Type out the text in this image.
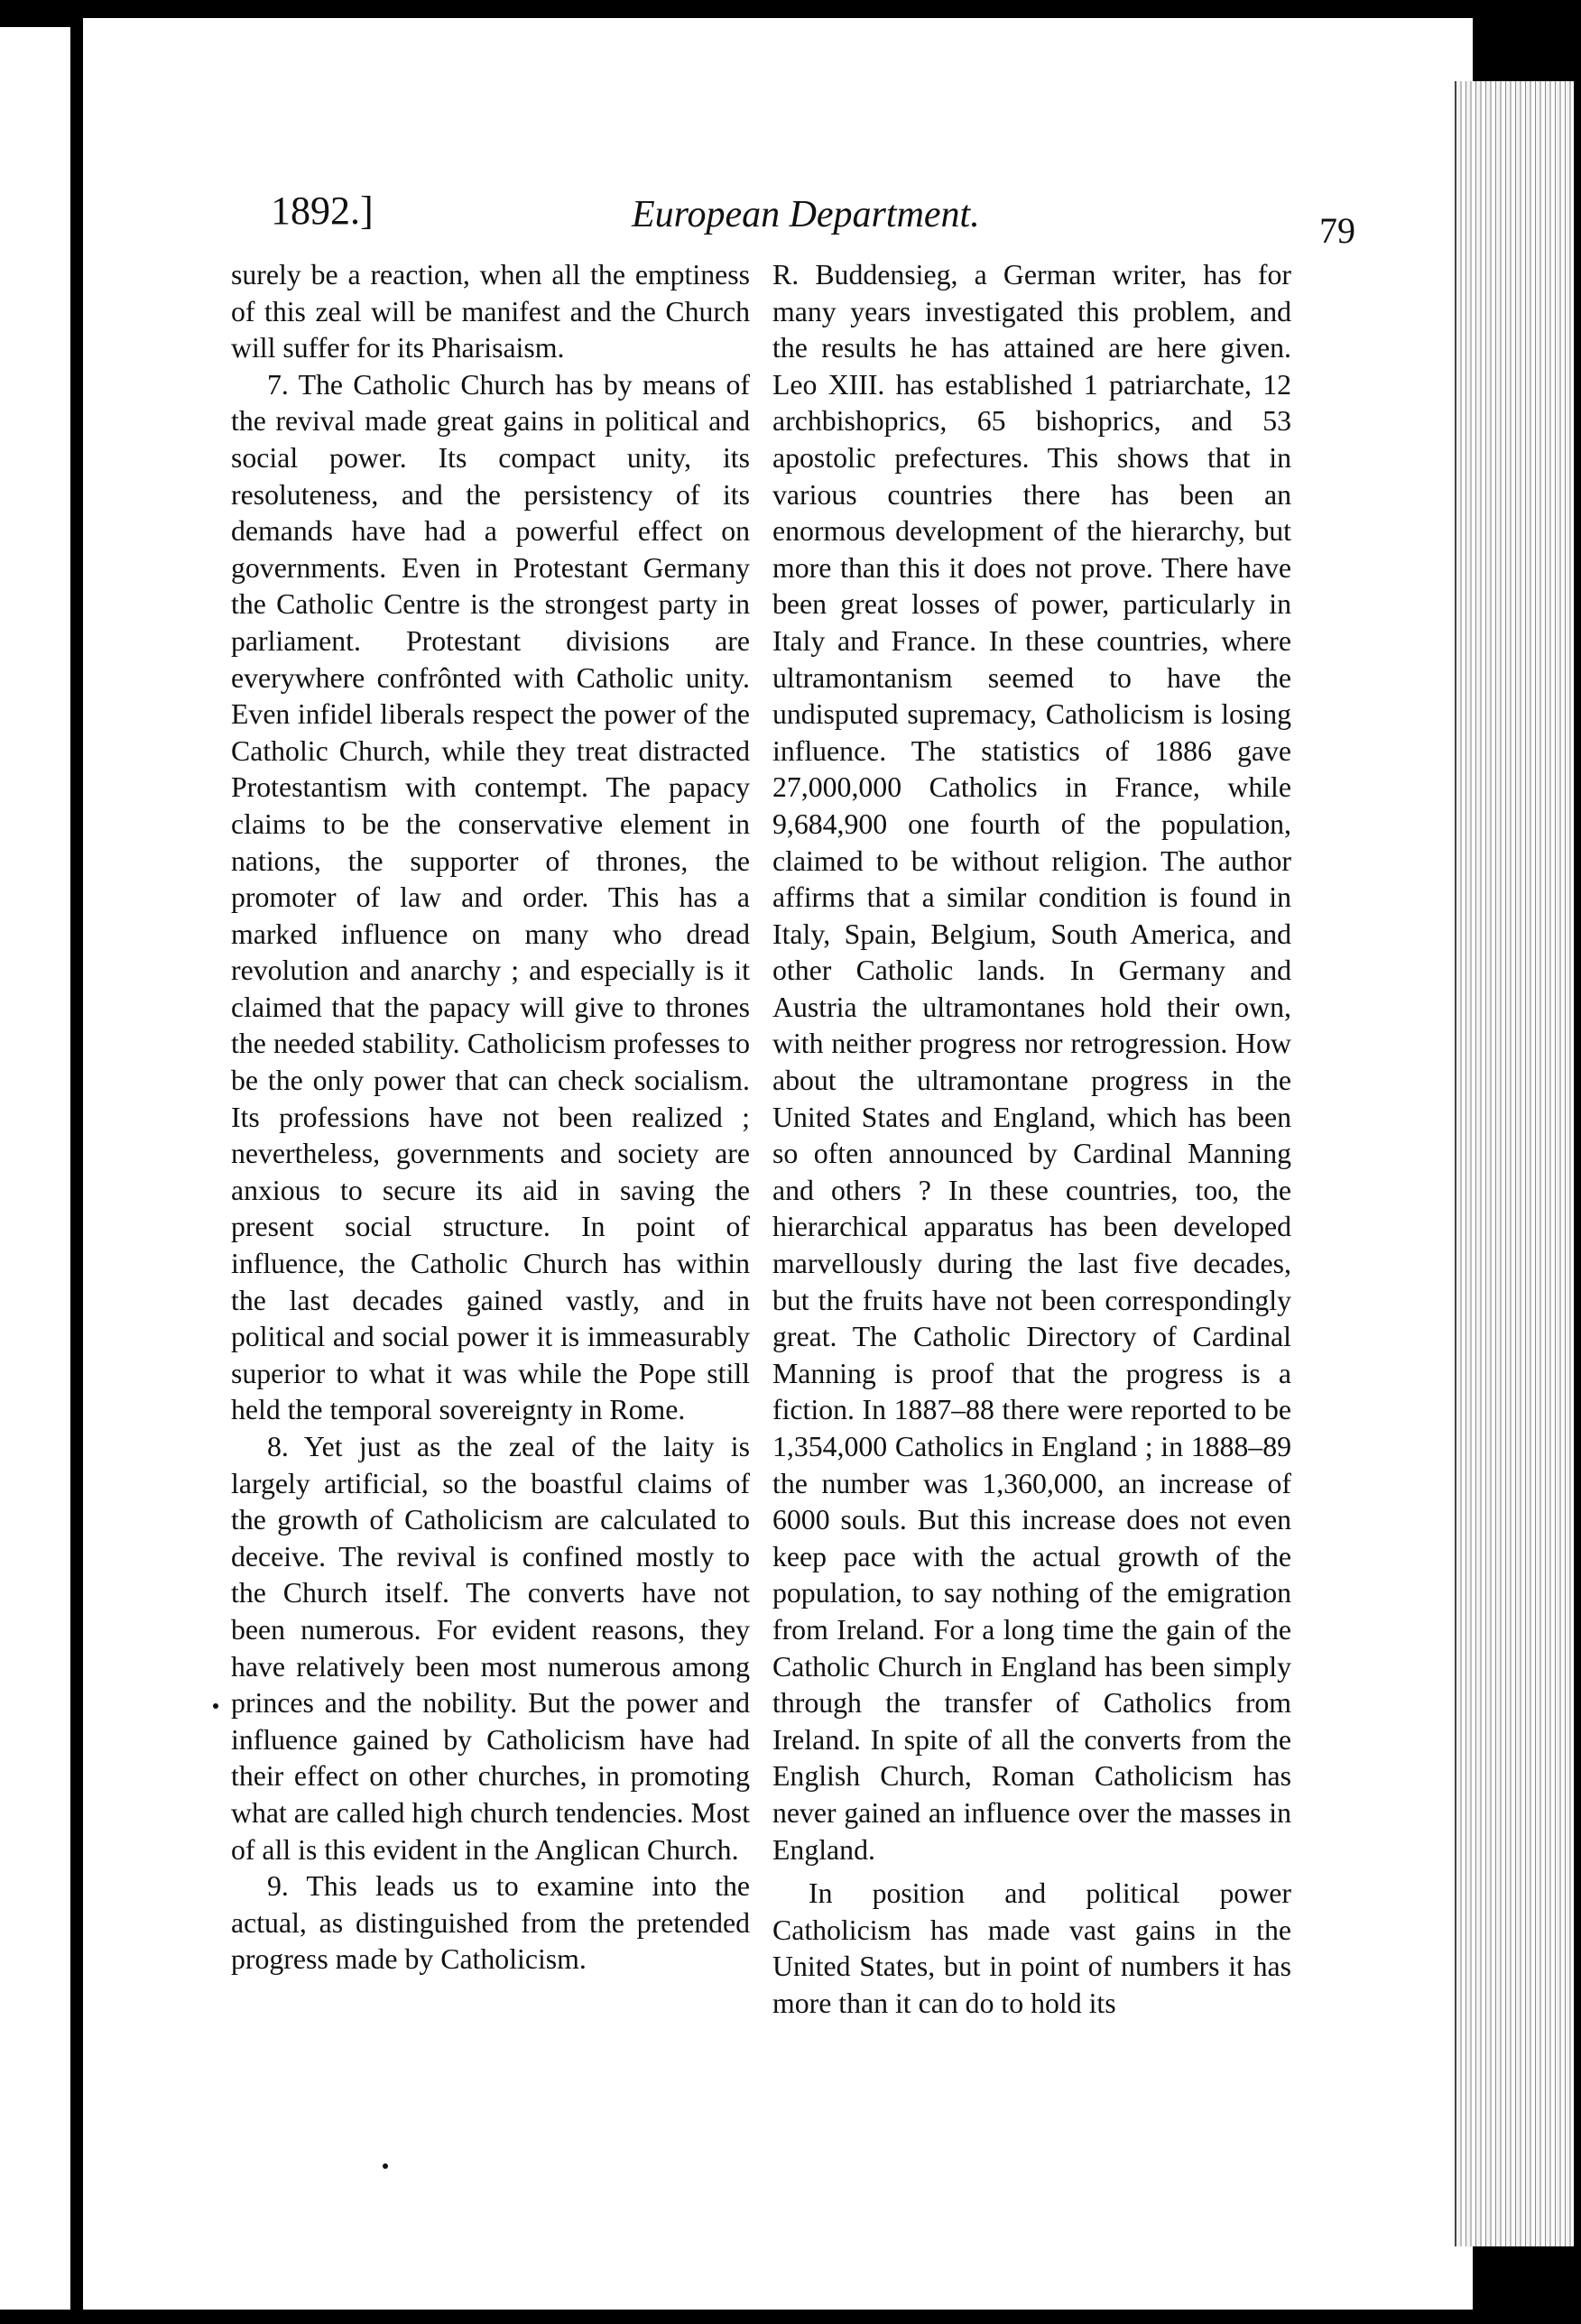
1892.]	European Department.	79

surely be a reaction, when all the emptiness of this zeal will be manifest and the Church will suffer for its Pharisaism.

7. The Catholic Church has by means of the revival made great gains in political and social power. Its compact unity, its resoluteness, and the persistency of its demands have had a powerful effect on governments. Even in Protestant Germany the Catholic Centre is the strongest party in parliament. Protestant divisions are everywhere confrônted with Catholic unity. Even infidel liberals respect the power of the Catholic Church, while they treat distracted Protestantism with contempt. The papacy claims to be the conservative element in nations, the supporter of thrones, the promoter of law and order. This has a marked influence on many who dread revolution and anarchy ; and especially is it claimed that the papacy will give to thrones the needed stability. Catholicism professes to be the only power that can check socialism. Its professions have not been realized ; nevertheless, governments and society are anxious to secure its aid in saving the present social structure. In point of influence, the Catholic Church has within the last decades gained vastly, and in political and social power it is immeasurably superior to what it was while the Pope still held the temporal sovereignty in Rome.

8. Yet just as the zeal of the laity is largely artificial, so the boastful claims of the growth of Catholicism are calculated to deceive. The revival is confined mostly to the Church itself. The converts have not been numerous. For evident reasons, they have relatively been most numerous among princes and the nobility. But the power and influence gained by Catholicism have had their effect on other churches, in promoting what are called high church tendencies. Most of all is this evident in the Anglican Church.

9. This leads us to examine into the actual, as distinguished from the pretended progress made by Catholicism.

R. Buddensieg, a German writer, has for many years investigated this problem, and the results he has attained are here given. Leo XIII. has established 1 patriarchate, 12 archbishoprics, 65 bishoprics, and 53 apostolic prefectures. This shows that in various countries there has been an enormous development of the hierarchy, but more than this it does not prove. There have been great losses of power, particularly in Italy and France. In these countries, where ultramontanism seemed to have the undisputed supremacy, Catholicism is losing influence. The statistics of 1886 gave 27,000,000 Catholics in France, while 9,684,900 one fourth of the population, claimed to be without religion. The author affirms that a similar condition is found in Italy, Spain, Belgium, South America, and other Catholic lands. In Germany and Austria the ultramontanes hold their own, with neither progress nor retrogression. How about the ultramontane progress in the United States and England, which has been so often announced by Cardinal Manning and others ? In these countries, too, the hierarchical apparatus has been developed marvellously during the last five decades, but the fruits have not been correspondingly great. The Catholic Directory of Cardinal Manning is proof that the progress is a fiction. In 1887–88 there were reported to be 1,354,000 Catholics in England ; in 1888–89 the number was 1,360,000, an increase of 6000 souls. But this increase does not even keep pace with the actual growth of the population, to say nothing of the emigration from Ireland. For a long time the gain of the Catholic Church in England has been simply through the transfer of Catholics from Ireland. In spite of all the converts from the English Church, Roman Catholicism has never gained an influence over the masses in England.

In position and political power Catholicism has made vast gains in the United States, but in point of numbers it has more than it can do to hold its
